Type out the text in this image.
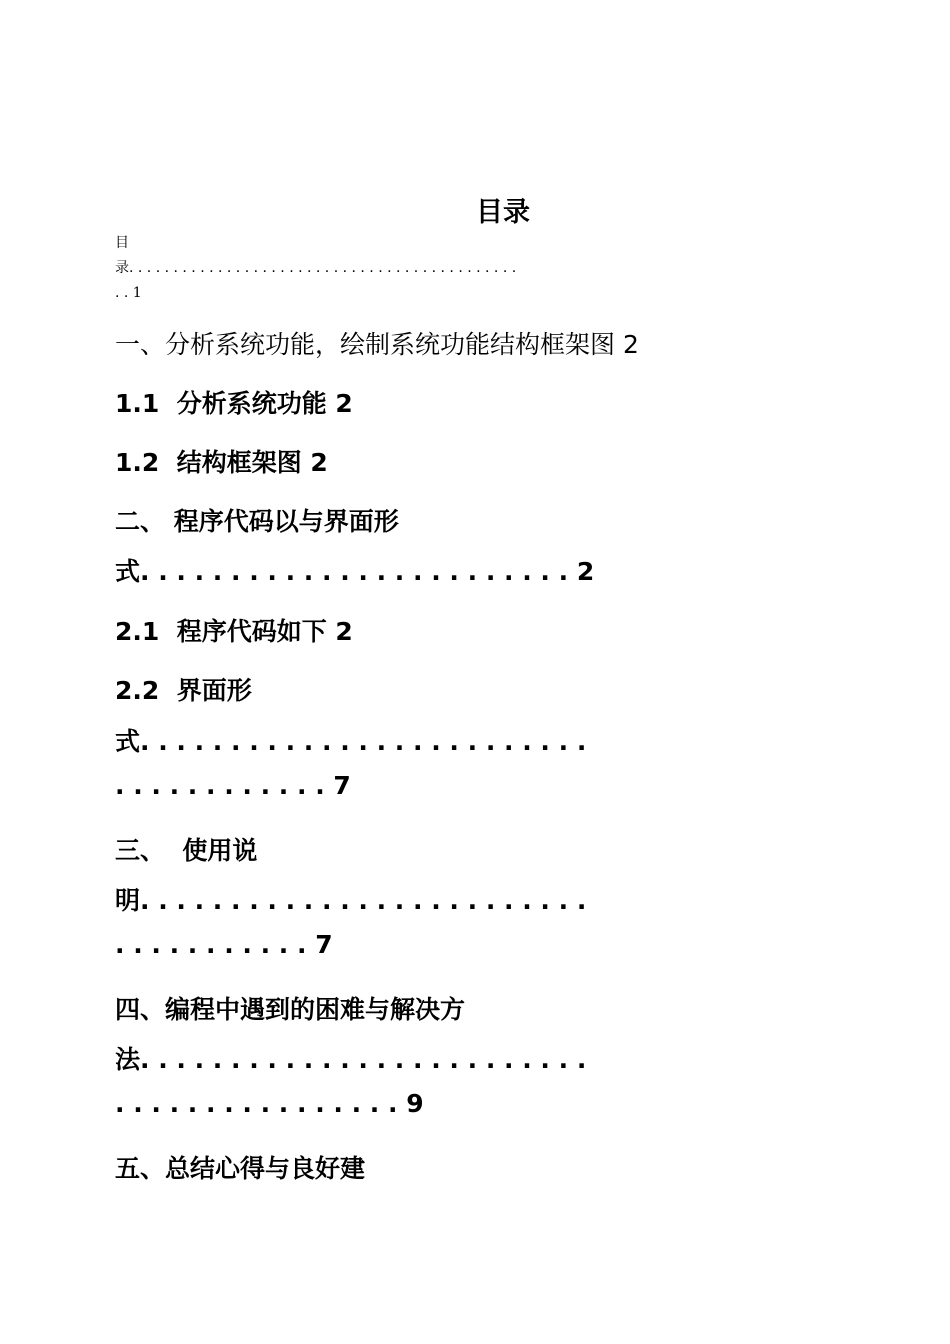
目录
目
录. . . . . . . . . . . . . . . . . . . . . . . . . . . . . . . . . . . . . . . . . . . .
. . 1
一、分析系统功能，绘制系统功能结构框架图 2
1.1  分析系统功能 2
1.2  结构框架图 2
二、 程序代码以与界面形
式. . . . . . . . . . . . . . . . . . . . . . . . 2
2.1  程序代码如下 2
2.2  界面形
式. . . . . . . . . . . . . . . . . . . . . . . . .
. . . . . . . . . . . . 7
三、  使用说
明. . . . . . . . . . . . . . . . . . . . . . . . .
. . . . . . . . . . . 7
四、编程中遇到的困难与解决方
法. . . . . . . . . . . . . . . . . . . . . . . . .
. . . . . . . . . . . . . . . . 9
五、总结心得与良好建
